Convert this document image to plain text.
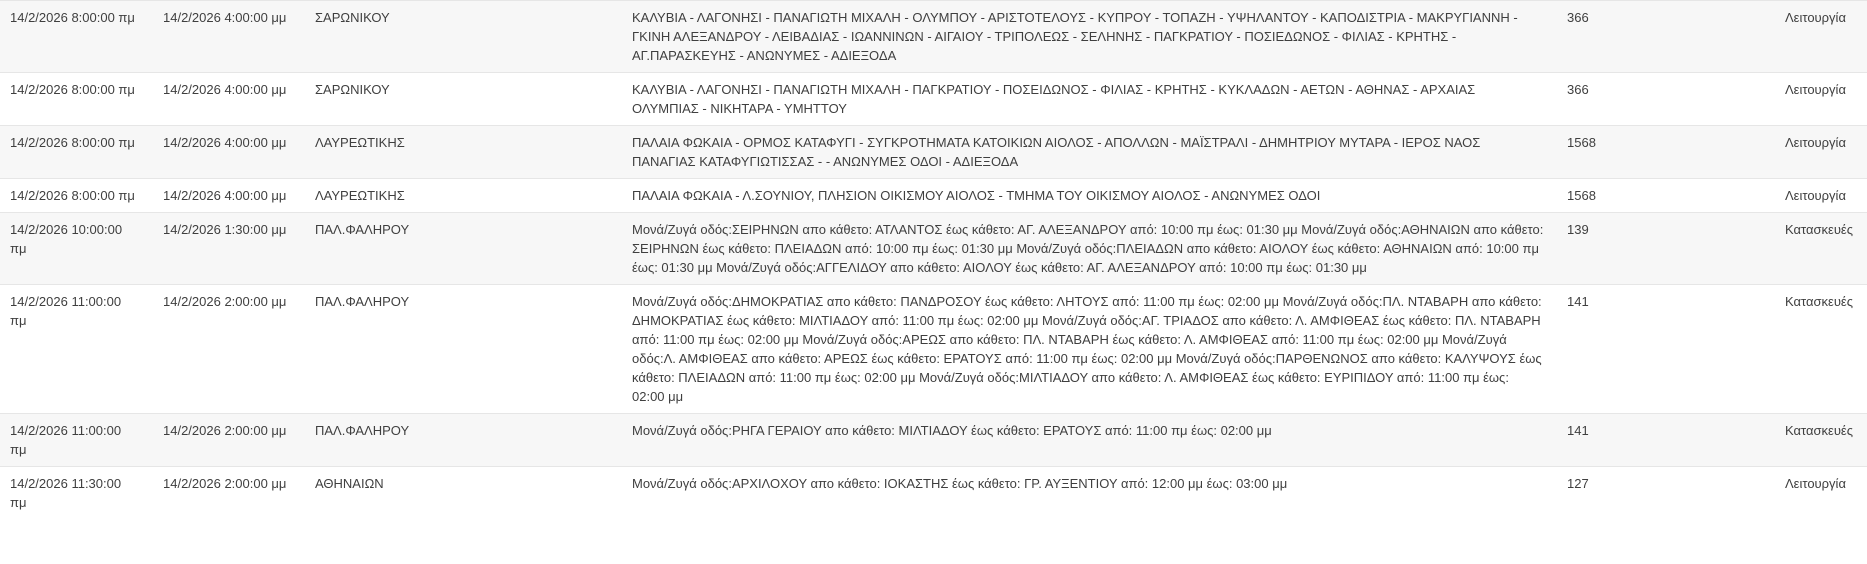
14/2/2026 8:00:00 πμ	14/2/2026 4:00:00 μμ	ΣΑΡΩΝΙΚΟΥ	ΚΑΛΥΒΙΑ - ΛΑΓΟΝΗΣΙ - ΠΑΝΑΓΙΩΤΗ ΜΙΧΑΛΗ - ΟΛΥΜΠΟΥ - ΑΡΙΣΤΟΤΕΛΟΥΣ - ΚΥΠΡΟΥ - ΤΟΠΑΖΗ - ΥΨΗΛΑΝΤΟΥ - ΚΑΠΟΔΙΣΤΡΙΑ - ΜΑΚΡΥΓΙΑΝΝΗ - ΓΚΙΝΗ ΑΛΕΞΑΝΔΡΟΥ - ΛΕΙΒΑΔΙΑΣ - ΙΩΑΝΝΙΝΩΝ - ΑΙΓΑΙΟΥ - ΤΡΙΠΟΛΕΩΣ - ΣΕΛΗΝΗΣ - ΠΑΓΚΡΑΤΙΟΥ - ΠΟΣΙΕΔΩΝΟΣ - ΦΙΛΙΑΣ - ΚΡΗΤΗΣ - ΑΓ.ΠΑΡΑΣΚΕΥΗΣ - ΑΝΩΝΥΜΕΣ - ΑΔΙΕΞΟΔΑ	366	Λειτουργία
14/2/2026 8:00:00 πμ	14/2/2026 4:00:00 μμ	ΣΑΡΩΝΙΚΟΥ	ΚΑΛΥΒΙΑ - ΛΑΓΟΝΗΣΙ - ΠΑΝΑΓΙΩΤΗ ΜΙΧΑΛΗ - ΠΑΓΚΡΑΤΙΟΥ - ΠΟΣΕΙΔΩΝΟΣ - ΦΙΛΙΑΣ - ΚΡΗΤΗΣ - ΚΥΚΛΑΔΩΝ - ΑΕΤΩΝ - ΑΘΗΝΑΣ - ΑΡΧΑΙΑΣ ΟΛΥΜΠΙΑΣ - ΝΙΚΗΤΑΡΑ - ΥΜΗΤΤΟΥ	366	Λειτουργία
14/2/2026 8:00:00 πμ	14/2/2026 4:00:00 μμ	ΛΑΥΡΕΩΤΙΚΗΣ	ΠΑΛΑΙΑ ΦΩΚΑΙΑ - ΟΡΜΟΣ ΚΑΤΑΦΥΓΙ - ΣΥΓΚΡΟΤΗΜΑΤΑ ΚΑΤΟΙΚΙΩΝ ΑΙΟΛΟΣ - ΑΠΟΛΛΩΝ - ΜΑΪΣΤΡΑΛΙ - ΔΗΜΗΤΡΙΟΥ ΜΥΤΑΡΑ - ΙΕΡΟΣ ΝΑΟΣ ΠΑΝΑΓΙΑΣ ΚΑΤΑΦΥΓΙΩΤΙΣΣΑΣ - - ΑΝΩΝΥΜΕΣ ΟΔΟΙ - ΑΔΙΕΞΟΔΑ	1568	Λειτουργία
14/2/2026 8:00:00 πμ	14/2/2026 4:00:00 μμ	ΛΑΥΡΕΩΤΙΚΗΣ	ΠΑΛΑΙΑ ΦΩΚΑΙΑ - Λ.ΣΟΥΝΙΟΥ, ΠΛΗΣΙΟΝ ΟΙΚΙΣΜΟΥ ΑΙΟΛΟΣ - ΤΜΗΜΑ ΤΟΥ ΟΙΚΙΣΜΟΥ ΑΙΟΛΟΣ - ΑΝΩΝΥΜΕΣ ΟΔΟΙ	1568	Λειτουργία
14/2/2026 10:00:00 πμ	14/2/2026 1:30:00 μμ	ΠΑΛ.ΦΑΛΗΡΟΥ	Μονά/Ζυγά οδός:ΣΕΙΡΗΝΩΝ απο κάθετο: ΑΤΛΑΝΤΟΣ έως κάθετο: ΑΓ. ΑΛΕΞΑΝΔΡΟΥ από: 10:00 πμ έως: 01:30 μμ Μονά/Ζυγά οδός:ΑΘΗΝΑΙΩΝ απο κάθετο: ΣΕΙΡΗΝΩΝ έως κάθετο: ΠΛΕΙΑΔΩΝ από: 10:00 πμ έως: 01:30 μμ Μονά/Ζυγά οδός:ΠΛΕΙΑΔΩΝ απο κάθετο: ΑΙΟΛΟΥ έως κάθετο: ΑΘΗΝΑΙΩΝ από: 10:00 πμ έως: 01:30 μμ Μονά/Ζυγά οδός:ΑΓΓΕΛΙΔΟΥ απο κάθετο: ΑΙΟΛΟΥ έως κάθετο: ΑΓ. ΑΛΕΞΑΝΔΡΟΥ από: 10:00 πμ έως: 01:30 μμ	139	Κατασκευές
14/2/2026 11:00:00 πμ	14/2/2026 2:00:00 μμ	ΠΑΛ.ΦΑΛΗΡΟΥ	Μονά/Ζυγά οδός:ΔΗΜΟΚΡΑΤΙΑΣ απο κάθετο: ΠΑΝΔΡΟΣΟΥ έως κάθετο: ΛΗΤΟΥΣ από: 11:00 πμ έως: 02:00 μμ Μονά/Ζυγά οδός:ΠΛ. ΝΤΑΒΑΡΗ απο κάθετο: ΔΗΜΟΚΡΑΤΙΑΣ έως κάθετο: ΜΙΛΤΙΑΔΟΥ από: 11:00 πμ έως: 02:00 μμ Μονά/Ζυγά οδός:ΑΓ. ΤΡΙΑΔΟΣ απο κάθετο: Λ. ΑΜΦΙΘΕΑΣ έως κάθετο: ΠΛ. ΝΤΑΒΑΡΗ από: 11:00 πμ έως: 02:00 μμ Μονά/Ζυγά οδός:ΑΡΕΩΣ απο κάθετο: ΠΛ. ΝΤΑΒΑΡΗ έως κάθετο: Λ. ΑΜΦΙΘΕΑΣ από: 11:00 πμ έως: 02:00 μμ Μονά/Ζυγά οδός:Λ. ΑΜΦΙΘΕΑΣ απο κάθετο: ΑΡΕΩΣ έως κάθετο: ΕΡΑΤΟΥΣ από: 11:00 πμ έως: 02:00 μμ Μονά/Ζυγά οδός:ΠΑΡΘΕΝΩΝΟΣ απο κάθετο: ΚΑΛΥΨΟΥΣ έως κάθετο: ΠΛΕΙΑΔΩΝ από: 11:00 πμ έως: 02:00 μμ Μονά/Ζυγά οδός:ΜΙΛΤΙΑΔΟΥ απο κάθετο: Λ. ΑΜΦΙΘΕΑΣ έως κάθετο: ΕΥΡΙΠΙΔΟΥ από: 11:00 πμ έως: 02:00 μμ	141	Κατασκευές
14/2/2026 11:00:00 πμ	14/2/2026 2:00:00 μμ	ΠΑΛ.ΦΑΛΗΡΟΥ	Μονά/Ζυγά οδός:ΡΗΓΑ ΓΕΡΑΙΟΥ απο κάθετο: ΜΙΛΤΙΑΔΟΥ έως κάθετο: ΕΡΑΤΟΥΣ από: 11:00 πμ έως: 02:00 μμ	141	Κατασκευές
14/2/2026 11:30:00 πμ	14/2/2026 2:00:00 μμ	ΑΘΗΝΑΙΩΝ	Μονά/Ζυγά οδός:ΑΡΧΙΛΟΧΟΥ απο κάθετο: ΙΟΚΑΣΤΗΣ έως κάθετο: ΓΡ. ΑΥΞΕΝΤΙΟΥ από: 12:00 μμ έως: 03:00 μμ	127	Λειτουργία
